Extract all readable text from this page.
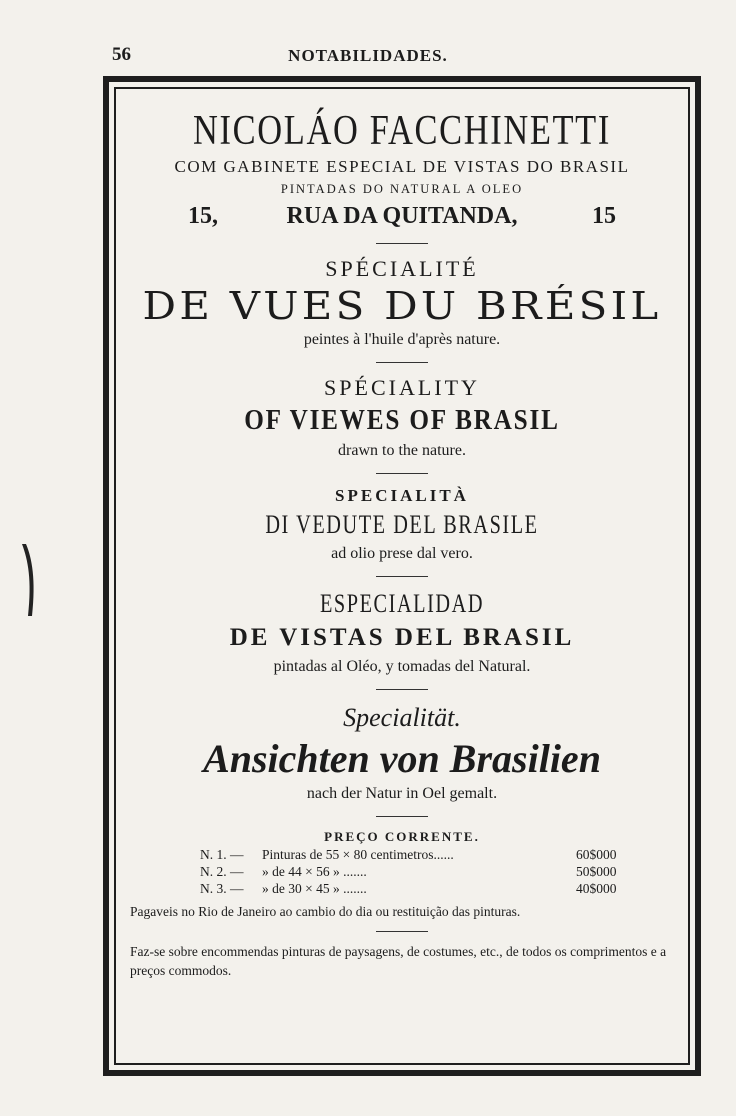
56	NOTABILIDADES.
NICOLÁO FACCHINETTI
COM GABINETE ESPECIAL DE VISTAS DO BRASIL
PINTADAS DO NATURAL A OLEO
15,	RUA DA QUITANDA,	15
SPÉCIALITÉ
DE VUES DU BRÉSIL
peintes à l'huile d'après nature.
SPÉCIALITY
OF VIEWES OF BRASIL
drawn to the nature.
SPECIALITÀ
DI VEDUTE DEL BRASILE
ad olio prese dal vero.
ESPECIALIDAD
DE VISTAS DEL BRASIL
pintadas al Oléo, y tomadas del Natural.
Specialität.
Ansichten von Brasilien
nach der Natur in Oel gemalt.
PREÇO CORRENTE.
N. 1. — Pinturas de 55 × 80 centimetros......	60$000
N. 2. — » de 44 × 56 » .......	50$000
N. 3. — » de 30 × 45 » .......	40$000
Pagaveis no Rio de Janeiro ao cambio do dia ou restituição das pinturas.
Faz-se sobre encommendas pinturas de paysagens, de costumes, etc., de todos os comprimentos e a preços commodos.
